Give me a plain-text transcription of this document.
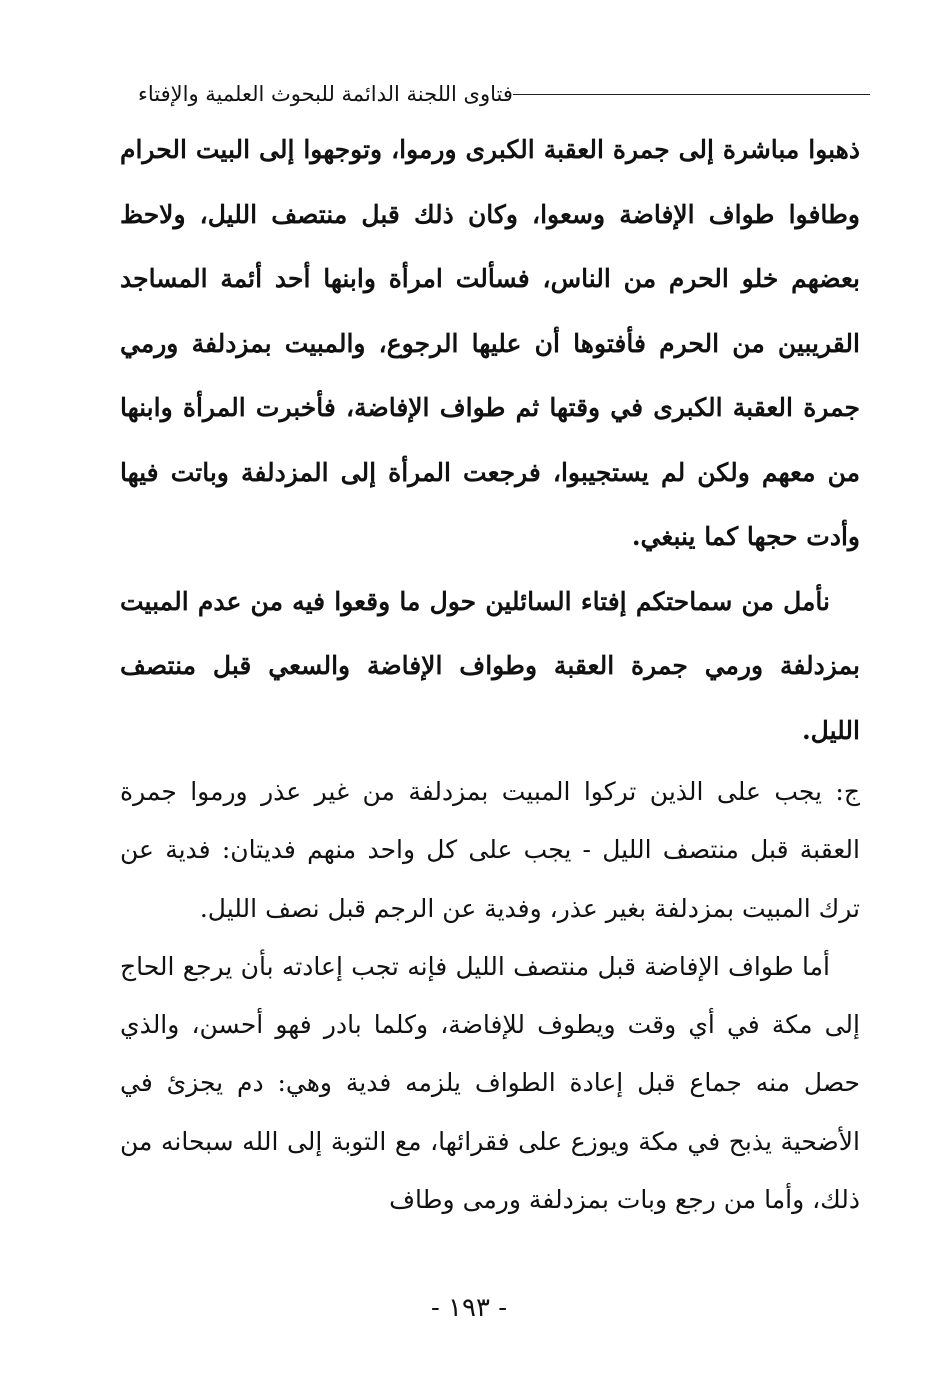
فتاوى اللجنة الدائمة للبحوث العلمية والإفتاء

ذهبوا مباشرة إلى جمرة العقبة الكبرى ورموا، وتوجهوا إلى البيت الحرام وطافوا طواف الإفاضة وسعوا، وكان ذلك قبل منتصف الليل، ولاحظ بعضهم خلو الحرم من الناس، فسألت امرأة وابنها أحد أئمة المساجد القريبين من الحرم فأفتوها أن عليها الرجوع، والمبيت بمزدلفة ورمي جمرة العقبة الكبرى في وقتها ثم طواف الإفاضة، فأخبرت المرأة وابنها من معهم ولكن لم يستجيبوا، فرجعت المرأة إلى المزدلفة وباتت فيها وأدت حجها كما ينبغي.

نأمل من سماحتكم إفتاء السائلين حول ما وقعوا فيه من عدم المبيت بمزدلفة ورمي جمرة العقبة وطواف الإفاضة والسعي قبل منتصف الليل.

ج: يجب على الذين تركوا المبيت بمزدلفة من غير عذر ورموا جمرة العقبة قبل منتصف الليل - يجب على كل واحد منهم فديتان: فدية عن ترك المبيت بمزدلفة بغير عذر، وفدية عن الرجم قبل نصف الليل.

أما طواف الإفاضة قبل منتصف الليل فإنه تجب إعادته بأن يرجع الحاج إلى مكة في أي وقت ويطوف للإفاضة، وكلما بادر فهو أحسن، والذي حصل منه جماع قبل إعادة الطواف يلزمه فدية وهي: دم يجزئ في الأضحية يذبح في مكة ويوزع على فقرائها، مع التوبة إلى الله سبحانه من ذلك، وأما من رجع وبات بمزدلفة ورمى وطاف

- ١٩٣ -
